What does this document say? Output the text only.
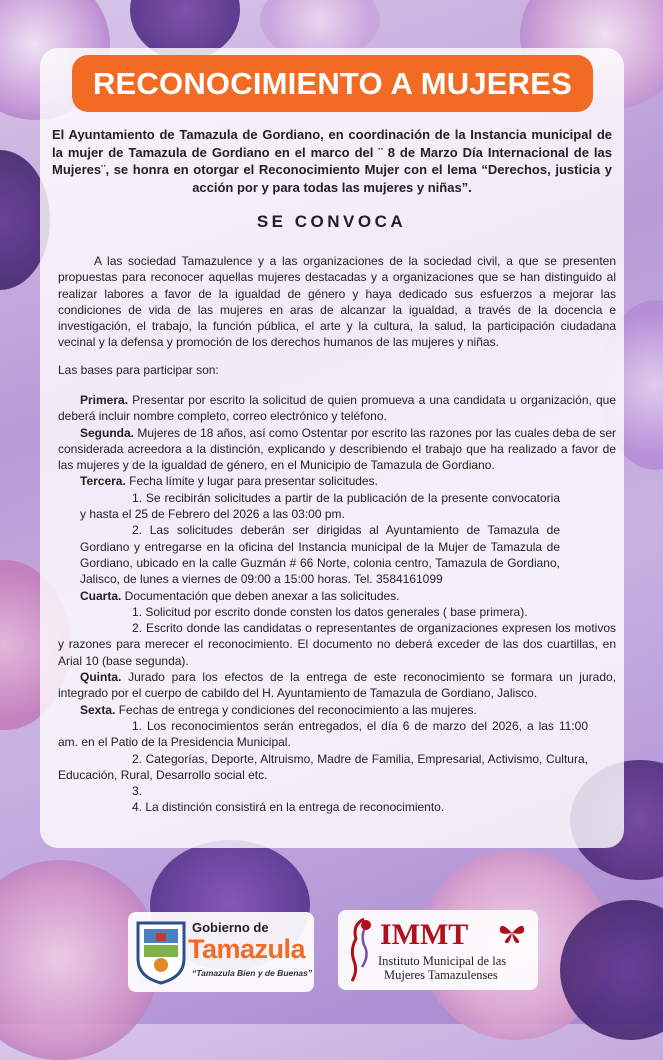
RECONOCIMIENTO A MUJERES

El Ayuntamiento de Tamazula de Gordiano, en coordinación de la Instancia municipal de la mujer de Tamazula de Gordiano en el marco del ¨ 8 de Marzo Día Internacional de las Mujeres¨, se honra en otorgar el Reconocimiento Mujer con el lema “Derechos, justicia y acción por y para todas las mujeres y niñas”.

SE CONVOCA

A las sociedad Tamazulence y a las organizaciones de la sociedad civil, a que se presenten propuestas para reconocer aquellas mujeres destacadas y a organizaciones que se han distinguido al realizar labores a favor de la igualdad de género y haya dedicado sus esfuerzos a mejorar las condiciones de vida de las mujeres en aras de alcanzar la igualdad, a través de la docencia e investigación, el trabajo, la función pública, el arte y la cultura, la salud, la participación ciudadana vecinal y la defensa y promoción de los derechos humanos de las mujeres y niñas.

Las bases para participar son:
Primera. Presentar por escrito la solicitud de quien promueva a una candidata u organización, que deberá incluir nombre completo, correo electrónico y teléfono.
Segunda. Mujeres de 18 años, así como Ostentar por escrito las razones por las cuales deba de ser considerada acreedora a la distinción, explicando y describiendo el trabajo que ha realizado a favor de las mujeres y de la igualdad de género, en el Municipio de Tamazula de Gordiano.
Tercera. Fecha límite y lugar para presentar solicitudes.
1. Se recibirán solicitudes a partir de la publicación de la presente convocatoria y hasta el 25 de Febrero del 2026 a las 03:00 pm.
2. Las solicitudes deberán ser dirigidas al Ayuntamiento de Tamazula de Gordiano y entregarse en la oficina del Instancia municipal de la Mujer de Tamazula de Gordiano, ubicado en la calle Guzmán # 66 Norte, colonia centro, Tamazula de Gordiano, Jalisco, de lunes a viernes de 09:00 a 15:00 horas. Tel. 3584161099
Cuarta. Documentación que deben anexar a las solicitudes.
1. Solicitud por escrito donde consten los datos generales ( base primera).
2. Escrito donde las candidatas o representantes de organizaciones expresen los motivos y razones para merecer el reconocimiento. El documento no deberá exceder de las dos cuartillas, en Arial 10 (base segunda).
Quinta. Jurado para los efectos de la entrega de este reconocimiento se formara un jurado, integrado por el cuerpo de cabildo del H. Ayuntamiento de Tamazula de Gordiano, Jalisco.
Sexta. Fechas de entrega y condiciones del reconocimiento a las mujeres.
1. Los reconocimientos serán entregados, el día 6 de marzo del 2026, a las 11:00 am. en el Patio de la Presidencia Municipal.
2. Categorías, Deporte, Altruismo, Madre de Familia, Empresarial, Activismo, Cultura, Educación, Rural, Desarrollo social etc.
3.
4. La distinción consistirá en la entrega de reconocimiento.
Gobierno de
Tamazula
“Tamazula Bien y de Buenas”
IMMT
Instituto Municipal de las
Mujeres Tamazulenses
